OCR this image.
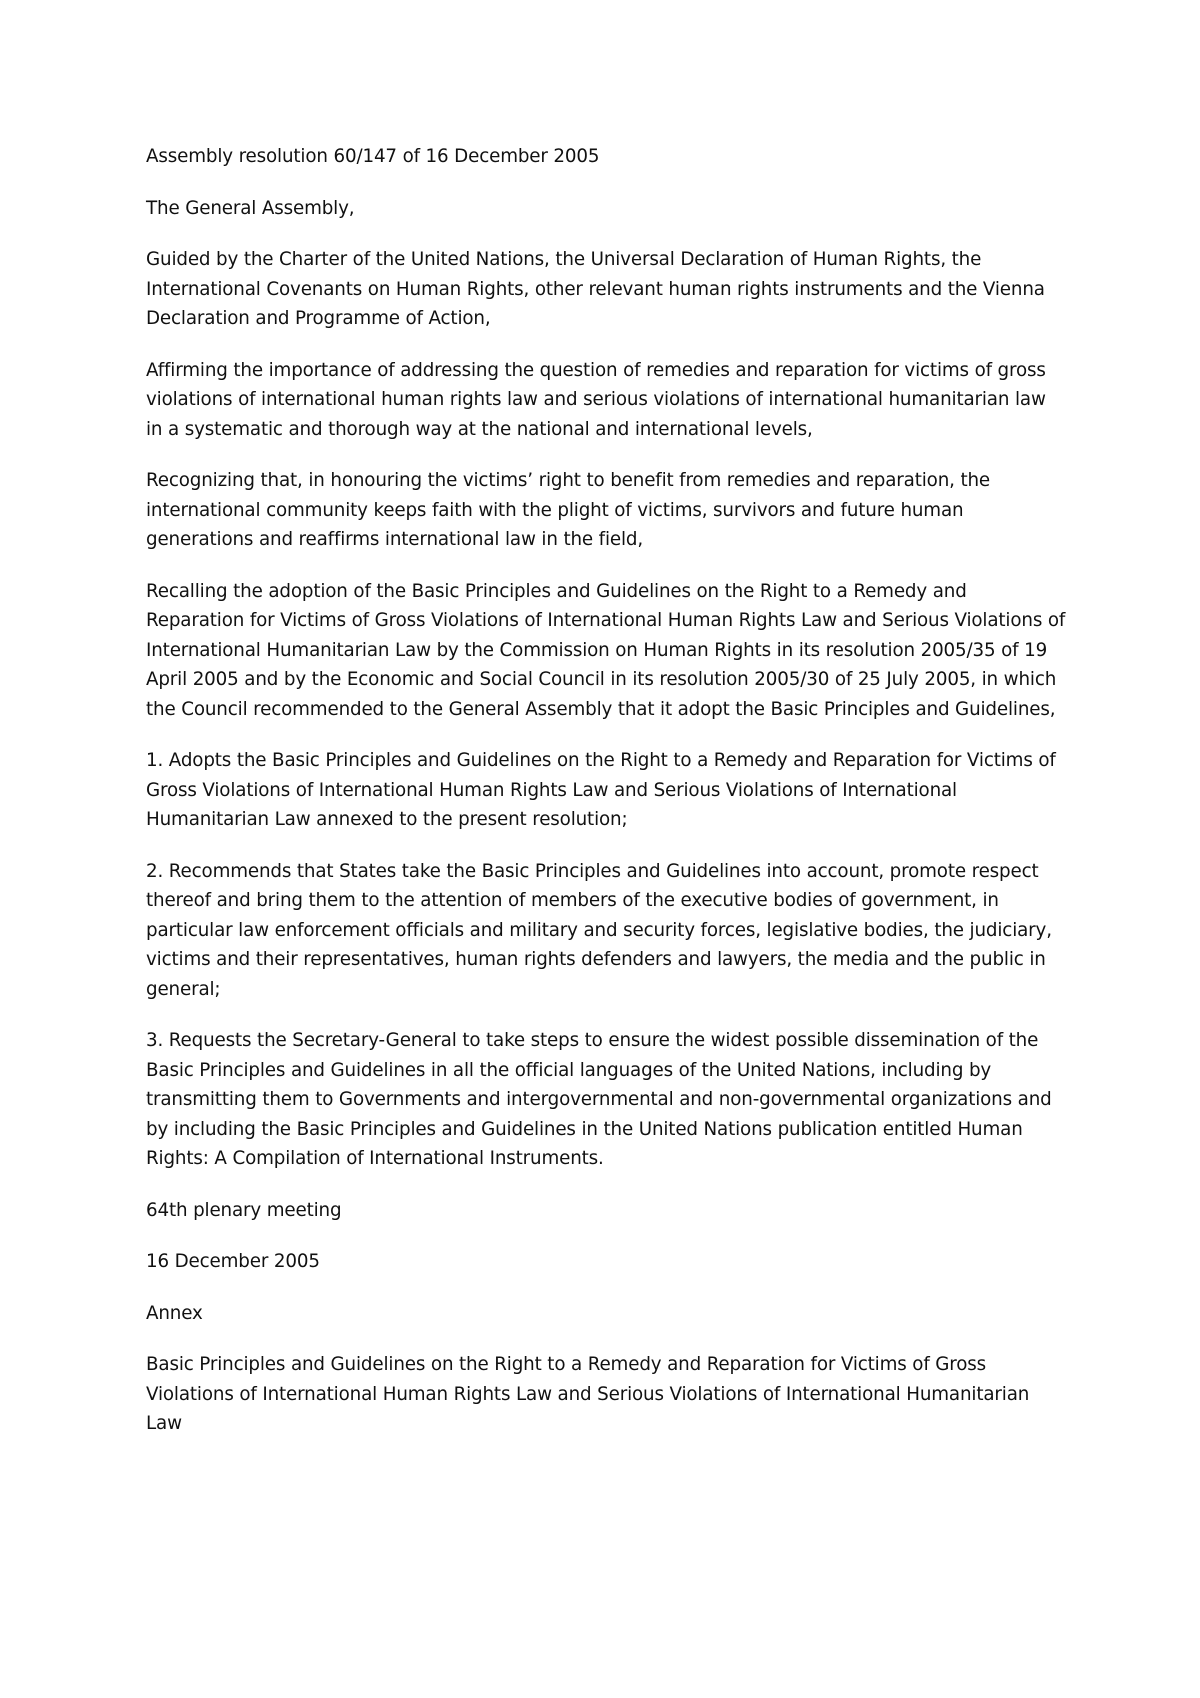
Assembly resolution 60/147 of 16 December 2005

The General Assembly,

Guided by the Charter of the United Nations, the Universal Declaration of Human Rights, the International Covenants on Human Rights, other relevant human rights instruments and the Vienna Declaration and Programme of Action,

Affirming the importance of addressing the question of remedies and reparation for victims of gross violations of international human rights law and serious violations of international humanitarian law in a systematic and thorough way at the national and international levels,

Recognizing that, in honouring the victims’ right to benefit from remedies and reparation, the international community keeps faith with the plight of victims, survivors and future human generations and reaffirms international law in the field,

Recalling the adoption of the Basic Principles and Guidelines on the Right to a Remedy and Reparation for Victims of Gross Violations of International Human Rights Law and Serious Violations of International Humanitarian Law by the Commission on Human Rights in its resolution 2005/35 of 19 April 2005 and by the Economic and Social Council in its resolution 2005/30 of 25 July 2005, in which the Council recommended to the General Assembly that it adopt the Basic Principles and Guidelines,

1. Adopts the Basic Principles and Guidelines on the Right to a Remedy and Reparation for Victims of Gross Violations of International Human Rights Law and Serious Violations of International Humanitarian Law annexed to the present resolution;

2. Recommends that States take the Basic Principles and Guidelines into account, promote respect thereof and bring them to the attention of members of the executive bodies of government, in particular law enforcement officials and military and security forces, legislative bodies, the judiciary, victims and their representatives, human rights defenders and lawyers, the media and the public in general;

3. Requests the Secretary-General to take steps to ensure the widest possible dissemination of the Basic Principles and Guidelines in all the official languages of the United Nations, including by transmitting them to Governments and intergovernmental and non-governmental organizations and by including the Basic Principles and Guidelines in the United Nations publication entitled Human Rights: A Compilation of International Instruments.

64th plenary meeting

16 December 2005

Annex

Basic Principles and Guidelines on the Right to a Remedy and Reparation for Victims of Gross Violations of International Human Rights Law and Serious Violations of International Humanitarian Law
